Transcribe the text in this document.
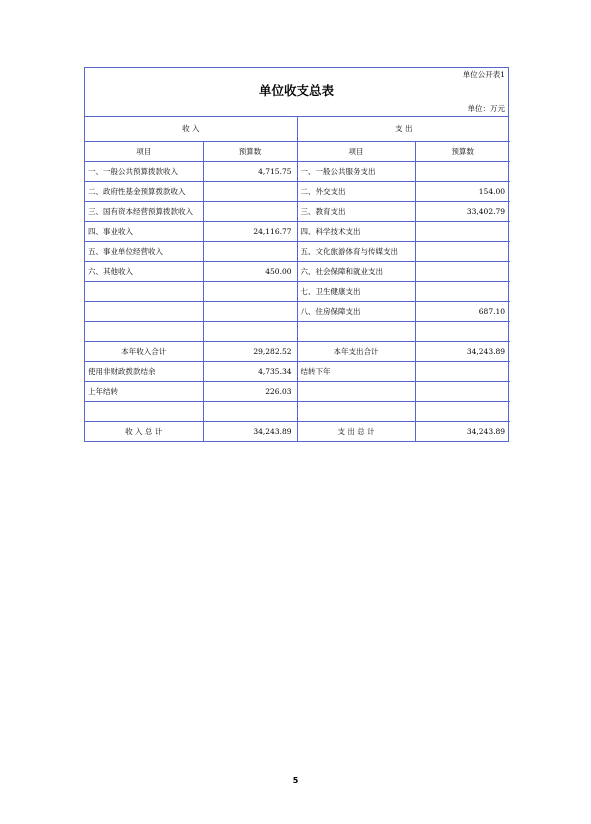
单位公开表1
单位收支总表
单位：万元
收 入		支 出	
项目	预算数	项目	预算数
一、一般公共预算拨款收入	4,715.75	一、一般公共服务支出	
二、政府性基金预算拨款收入		二、外交支出	154.00
三、国有资本经营预算拨款收入		三、教育支出	33,402.79
四、事业收入	24,116.77	四、科学技术支出	
五、事业单位经营收入		五、文化旅游体育与传媒支出	
六、其他收入	450.00	六、社会保障和就业支出	
		七、卫生健康支出	
		八、住房保障支出	687.10

本年收入合计	29,282.52	本年支出合计	34,243.89
使用非财政拨款结余	4,735.34	结转下年	
上年结转	226.03		

收 入 总 计	34,243.89	支 出 总 计	34,243.89
5
